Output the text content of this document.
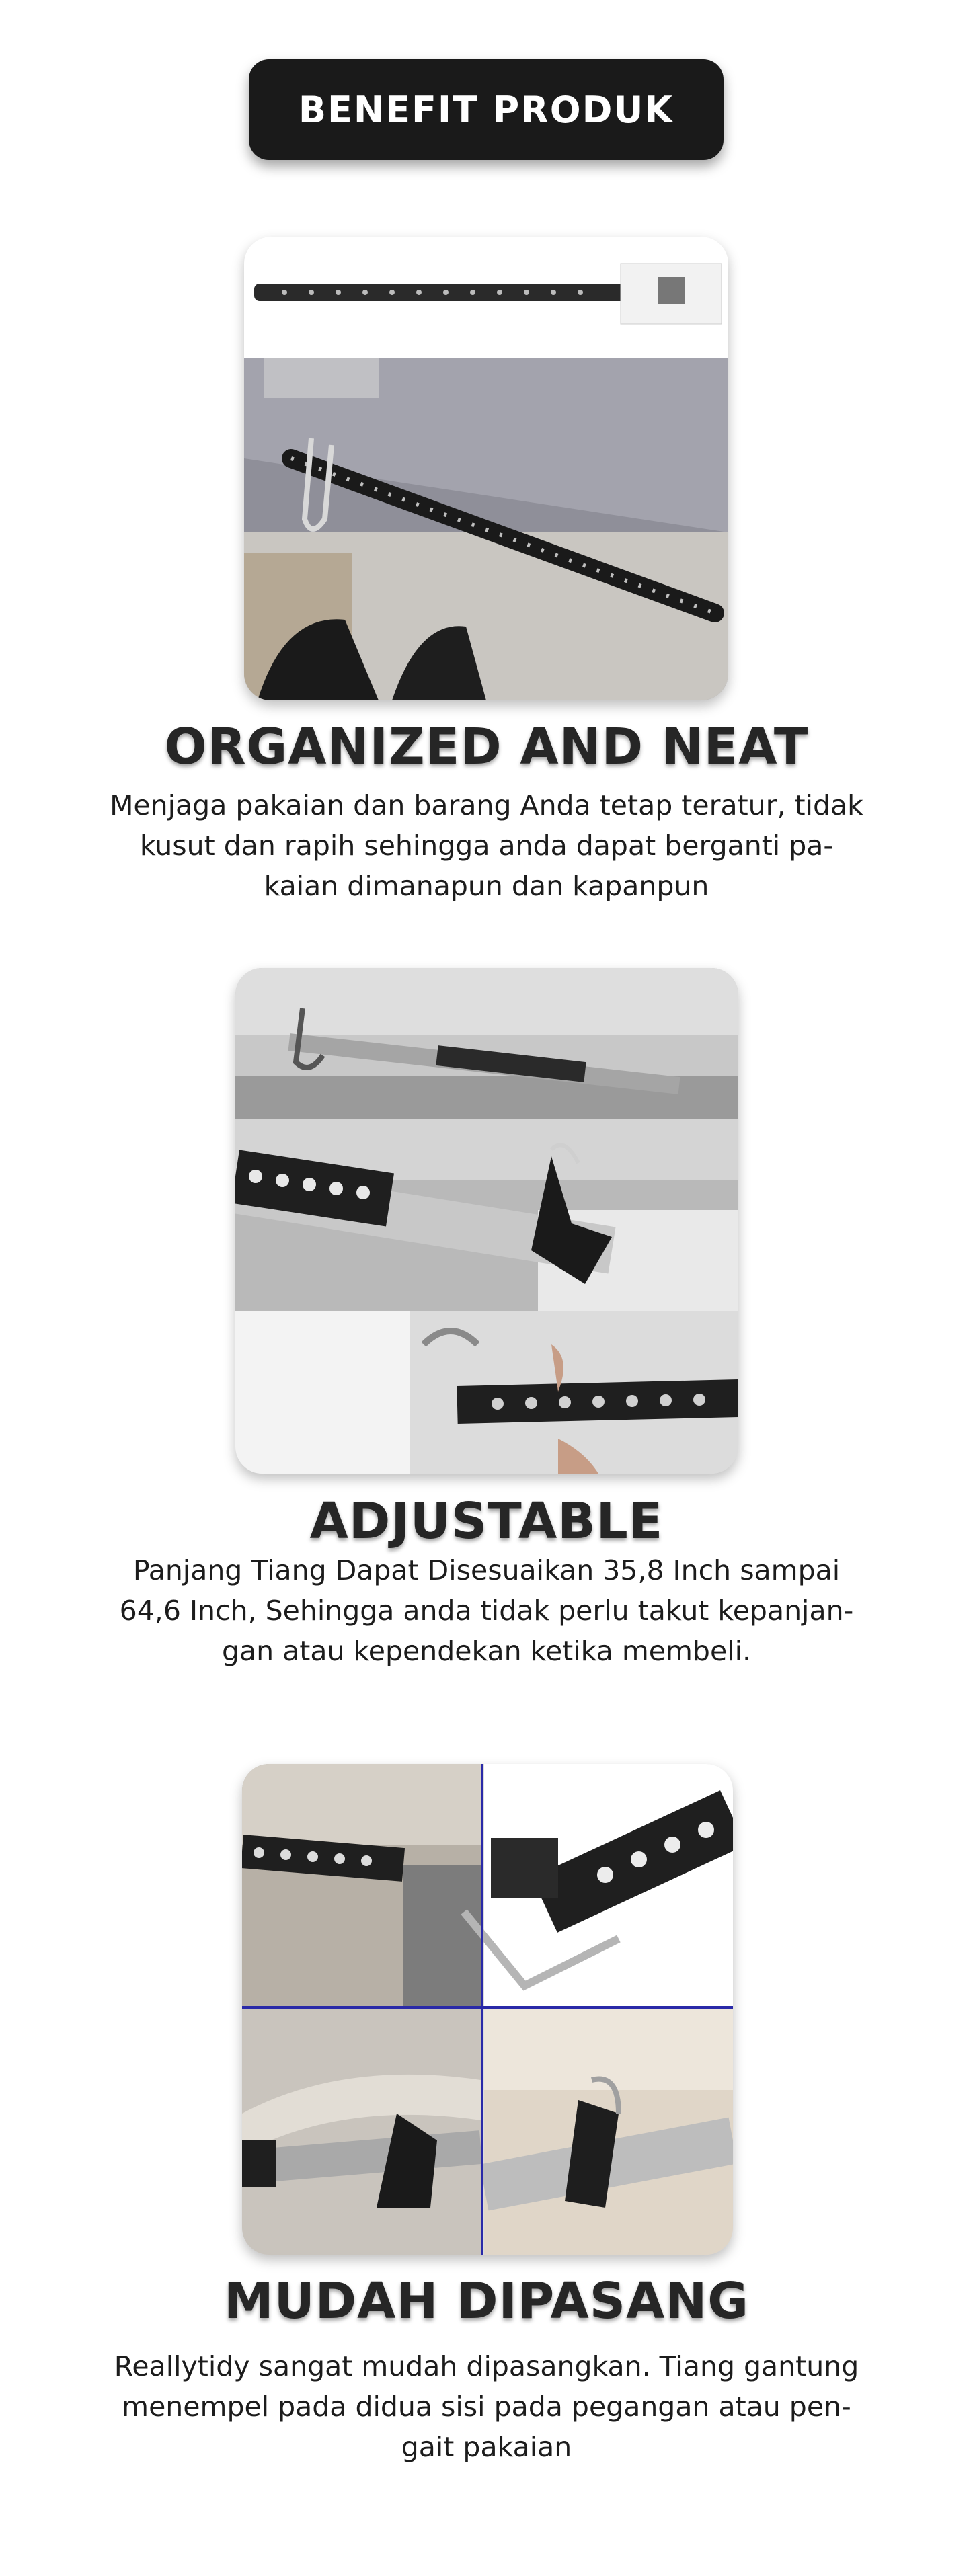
BENEFIT PRODUK
ORGANIZED AND NEAT

Menjaga pakaian dan barang Anda tetap teratur, tidak

kusut dan rapih sehingga anda dapat berganti pa-

kaian dimanapun dan kapanpun

ADJUSTABLE

Panjang Tiang Dapat Disesuaikan 35,8 Inch sampai

64,6 Inch, Sehingga anda tidak perlu takut kepanjan-

gan atau kependekan ketika membeli.

MUDAH DIPASANG

Reallytidy sangat mudah dipasangkan. Tiang gantung

menempel pada didua sisi pada pegangan atau pen-

gait pakaian
